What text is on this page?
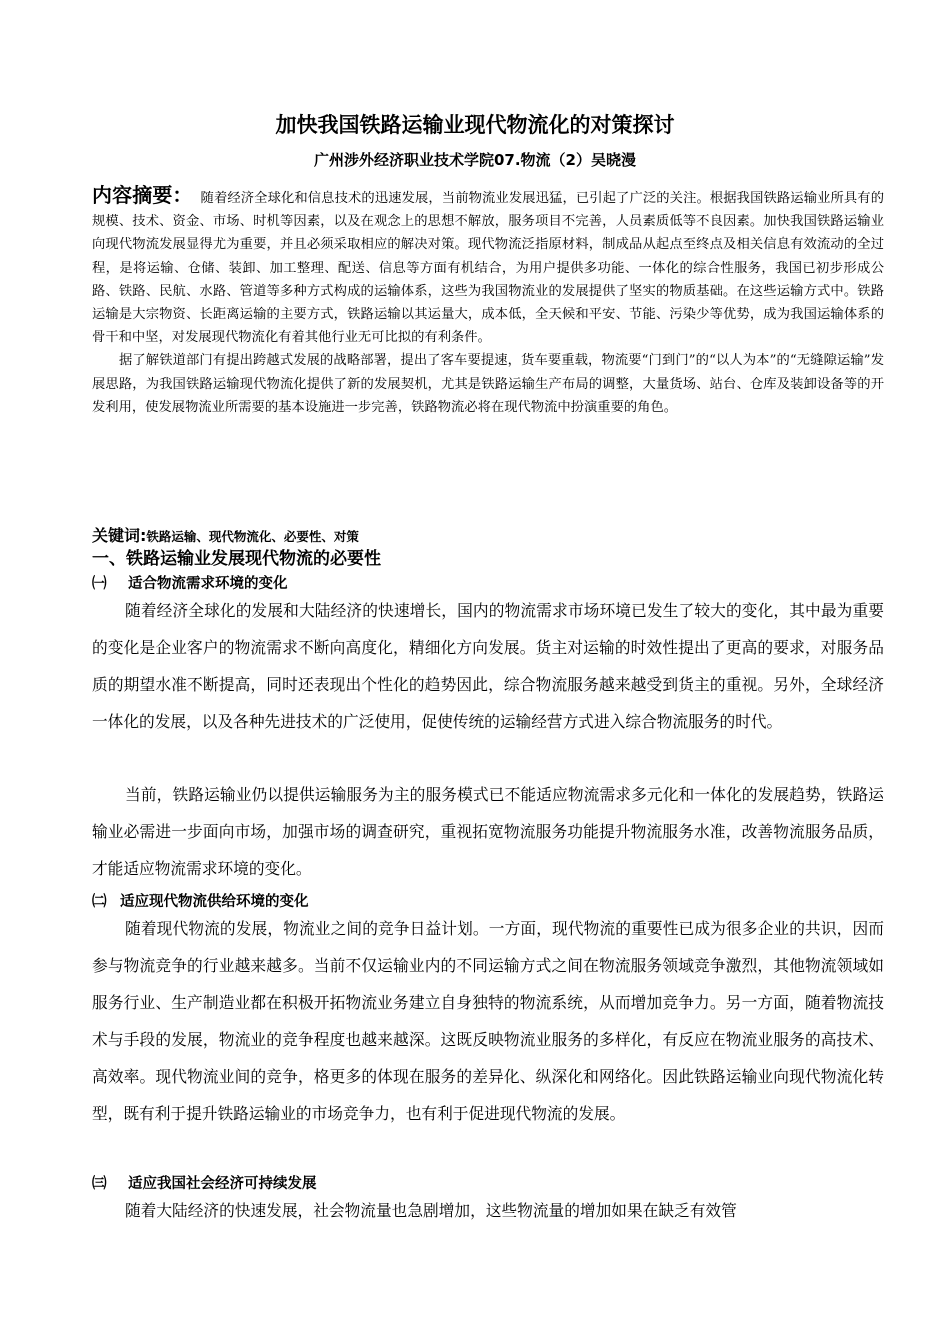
加快我国铁路运输业现代物流化的对策探讨
广州涉外经济职业技术学院07.物流（2）吴晓漫

内容摘要： 随着经济全球化和信息技术的迅速发展，当前物流业发展迅猛，已引起了广泛的关注。根据我国铁路运输业所具有的规模、技术、资金、市场、时机等因素，以及在观念上的思想不解放，服务项目不完善，人员素质低等不良因素。加快我国铁路运输业向现代物流发展显得尤为重要，并且必须采取相应的解决对策。现代物流泛指原材料，制成品从起点至终点及相关信息有效流动的全过程，是将运输、仓储、装卸、加工整理、配送、信息等方面有机结合，为用户提供多功能、一体化的综合性服务，我国已初步形成公路、铁路、民航、水路、管道等多种方式构成的运输体系，这些为我国物流业的发展提供了坚实的物质基础。在这些运输方式中。铁路运输是大宗物资、长距离运输的主要方式，铁路运输以其运量大，成本低，全天候和平安、节能、污染少等优势，成为我国运输体系的骨干和中坚，对发展现代物流化有着其他行业无可比拟的有利条件。

据了解铁道部门有提出跨越式发展的战略部署，提出了客车要提速，货车要重载，物流要“门到门”的“以人为本”的“无缝隙运输”发展思路，为我国铁路运输现代物流化提供了新的发展契机，尤其是铁路运输生产布局的调整，大量货场、站台、仓库及装卸设备等的开发利用，使发展物流业所需要的基本设施进一步完善，铁路物流必将在现代物流中扮演重要的角色。

关键词:铁路运输、现代物流化、必要性、对策
一、铁路运输业发展现代物流的必要性
㈠ 适合物流需求环境的变化

随着经济全球化的发展和大陆经济的快速增长，国内的物流需求市场环境已发生了较大的变化，其中最为重要的变化是企业客户的物流需求不断向高度化，精细化方向发展。货主对运输的时效性提出了更高的要求，对服务品质的期望水准不断提高，同时还表现出个性化的趋势因此，综合物流服务越来越受到货主的重视。另外，全球经济一体化的发展，以及各种先进技术的广泛使用，促使传统的运输经营方式进入综合物流服务的时代。

当前，铁路运输业仍以提供运输服务为主的服务模式已不能适应物流需求多元化和一体化的发展趋势，铁路运输业必需进一步面向市场，加强市场的调查研究，重视拓宽物流服务功能提升物流服务水准，改善物流服务品质，才能适应物流需求环境的变化。

㈡ 适应现代物流供给环境的变化

随着现代物流的发展，物流业之间的竞争日益计划。一方面，现代物流的重要性已成为很多企业的共识，因而参与物流竞争的行业越来越多。当前不仅运输业内的不同运输方式之间在物流服务领域竞争激烈，其他物流领域如服务行业、生产制造业都在积极开拓物流业务建立自身独特的物流系统，从而增加竞争力。另一方面，随着物流技术与手段的发展，物流业的竞争程度也越来越深。这既反映物流业服务的多样化，有反应在物流业服务的高技术、高效率。现代物流业间的竞争，格更多的体现在服务的差异化、纵深化和网络化。因此铁路运输业向现代物流化转型，既有利于提升铁路运输业的市场竞争力，也有利于促进现代物流的发展。

㈢ 适应我国社会经济可持续发展

随着大陆经济的快速发展，社会物流量也急剧增加，这些物流量的增加如果在缺乏有效管
